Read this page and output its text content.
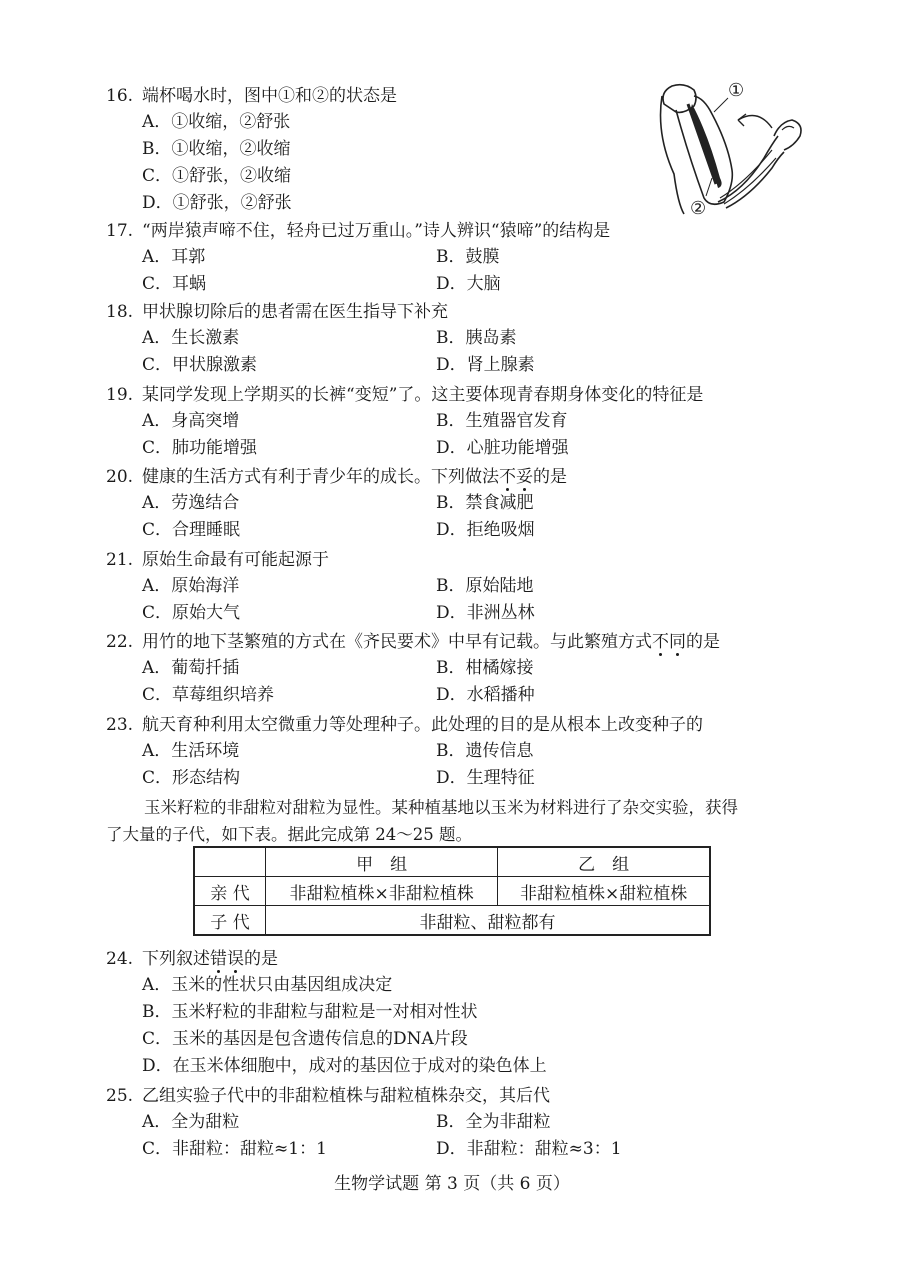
16. 端杯喝水时，图中①和②的状态是
A．①收缩，②舒张
B．①收缩，②收缩
C．①舒张，②收缩
D．①舒张，②舒张
①
②
17. “两岸猿声啼不住，轻舟已过万重山。”诗人辨识“猿啼”的结构是
A．耳郭	B．鼓膜
C．耳蜗	D．大脑
18. 甲状腺切除后的患者需在医生指导下补充
A．生长激素	B．胰岛素
C．甲状腺激素	D．肾上腺素
19. 某同学发现上学期买的长裤“变短”了。这主要体现青春期身体变化的特征是
A．身高突增	B．生殖器官发育
C．肺功能增强	D．心脏功能增强
20. 健康的生活方式有利于青少年的成长。下列做法不妥的是
A．劳逸结合	B．禁食减肥
C．合理睡眠	D．拒绝吸烟
21. 原始生命最有可能起源于
A．原始海洋	B．原始陆地
C．原始大气	D．非洲丛林
22. 用竹的地下茎繁殖的方式在《齐民要术》中早有记载。与此繁殖方式不同的是
A．葡萄扦插	B．柑橘嫁接
C．草莓组织培养	D．水稻播种
23. 航天育种利用太空微重力等处理种子。此处理的目的是从根本上改变种子的
A．生活环境	B．遗传信息
C．形态结构	D．生理特征
玉米籽粒的非甜粒对甜粒为显性。某种植基地以玉米为材料进行了杂交实验，获得
了大量的子代，如下表。据此完成第 24～25 题。
	甲　组	乙　组
亲 代	非甜粒植株×非甜粒植株	非甜粒植株×甜粒植株
子 代	非甜粒、甜粒都有	
24. 下列叙述错误的是
A．玉米的性状只由基因组成决定
B．玉米籽粒的非甜粒与甜粒是一对相对性状
C．玉米的基因是包含遗传信息的DNA片段
D．在玉米体细胞中，成对的基因位于成对的染色体上
25. 乙组实验子代中的非甜粒植株与甜粒植株杂交，其后代
A．全为甜粒	B．全为非甜粒
C．非甜粒：甜粒≈1：1	D．非甜粒：甜粒≈3：1
生物学试题 第 3 页（共 6 页）
